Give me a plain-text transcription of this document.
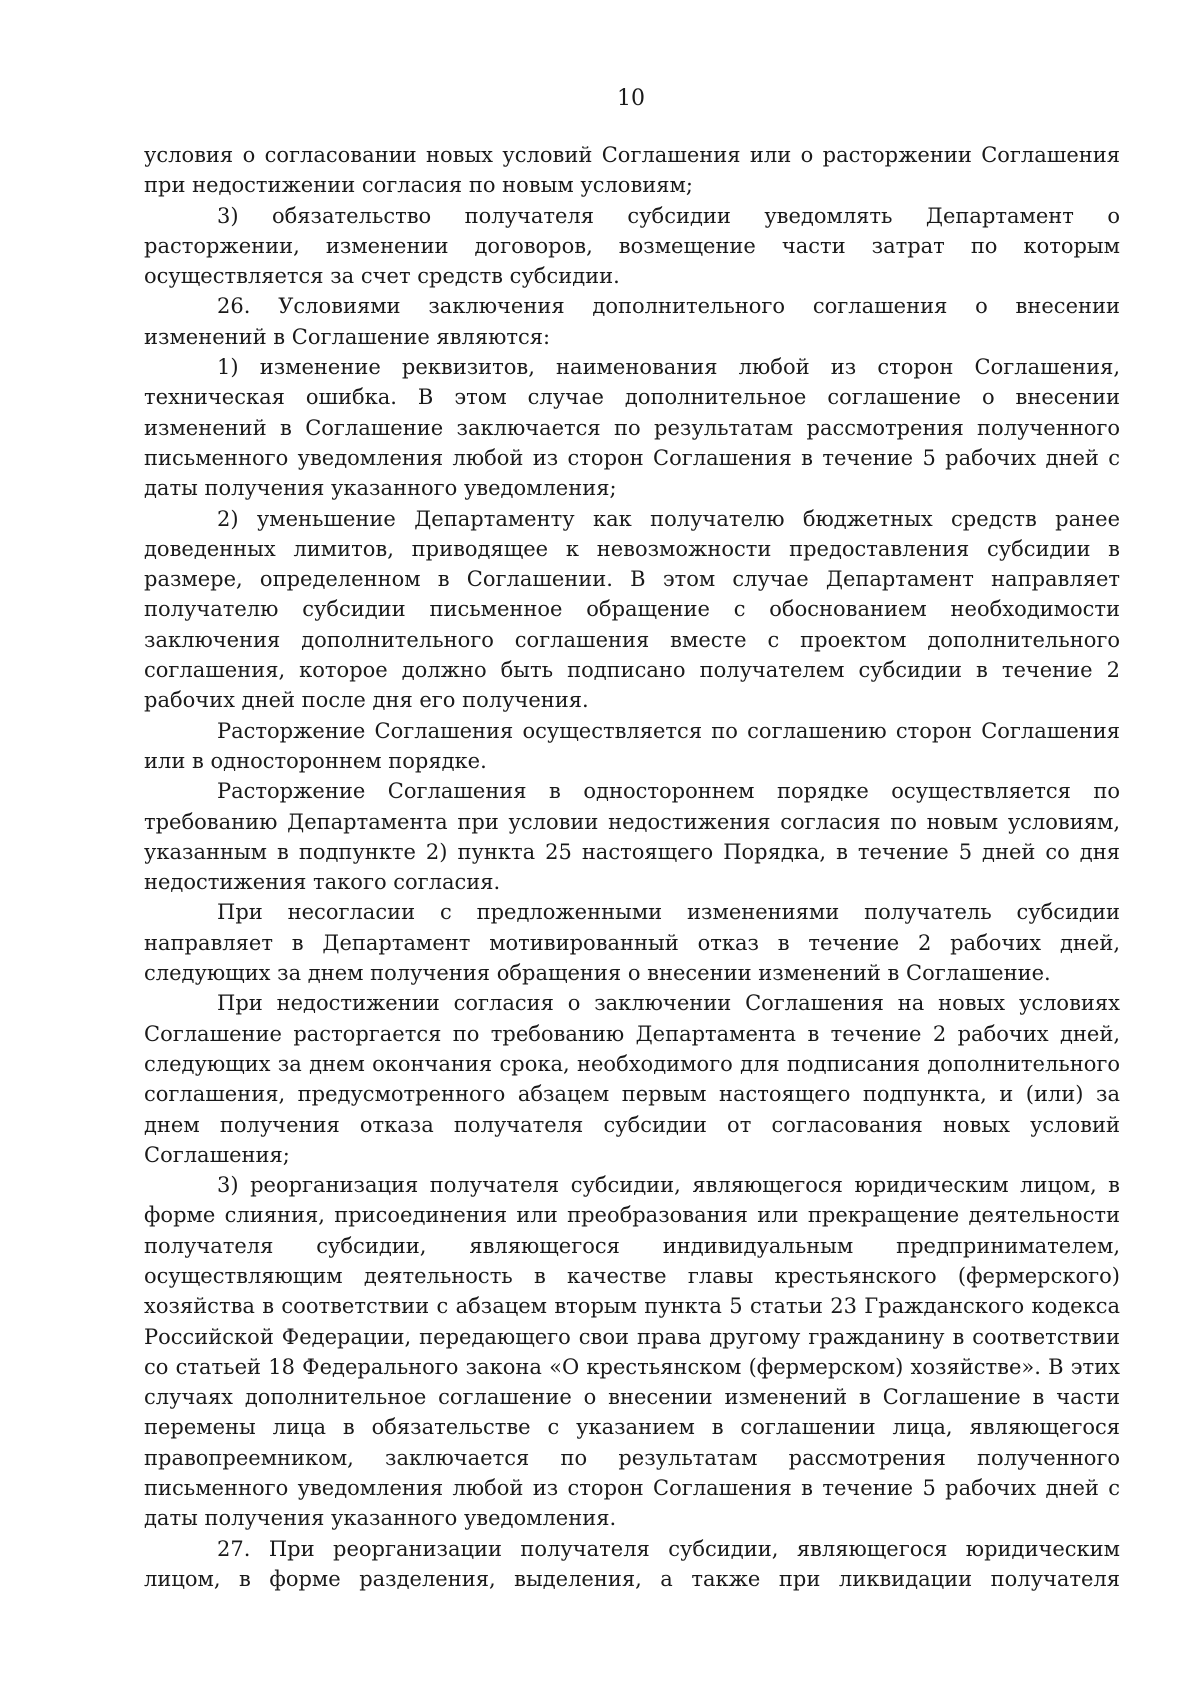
10

условия о согласовании новых условий Соглашения или о расторжении Соглашения при недостижении согласия по новым условиям;

3) обязательство получателя субсидии уведомлять Департамент о расторжении, изменении договоров, возмещение части затрат по которым осуществляется за счет средств субсидии.

26. Условиями заключения дополнительного соглашения о внесении изменений в Соглашение являются:

1) изменение реквизитов, наименования любой из сторон Соглашения, техническая ошибка. В этом случае дополнительное соглашение о внесении изменений в Соглашение заключается по результатам рассмотрения полученного письменного уведомления любой из сторон Соглашения в течение 5 рабочих дней с даты получения указанного уведомления;

2) уменьшение Департаменту как получателю бюджетных средств ранее доведенных лимитов, приводящее к невозможности предоставления субсидии в размере, определенном в Соглашении. В этом случае Департамент направляет получателю субсидии письменное обращение с обоснованием необходимости заключения дополнительного соглашения вместе с проектом дополнительного соглашения, которое должно быть подписано получателем субсидии в течение 2 рабочих дней после дня его получения.

Расторжение Соглашения осуществляется по соглашению сторон Соглашения или в одностороннем порядке.

Расторжение Соглашения в одностороннем порядке осуществляется по требованию Департамента при условии недостижения согласия по новым условиям, указанным в подпункте 2) пункта 25 настоящего Порядка, в течение 5 дней со дня недостижения такого согласия.

При несогласии с предложенными изменениями получатель субсидии направляет в Департамент мотивированный отказ в течение 2 рабочих дней, следующих за днем получения обращения о внесении изменений в Соглашение.

При недостижении согласия о заключении Соглашения на новых условиях Соглашение расторгается по требованию Департамента в течение 2 рабочих дней, следующих за днем окончания срока, необходимого для подписания дополнительного соглашения, предусмотренного абзацем первым настоящего подпункта, и (или) за днем получения отказа получателя субсидии от согласования новых условий Соглашения;

3) реорганизация получателя субсидии, являющегося юридическим лицом, в форме слияния, присоединения или преобразования или прекращение деятельности получателя субсидии, являющегося индивидуальным предпринимателем, осуществляющим деятельность в качестве главы крестьянского (фермерского) хозяйства в соответствии с абзацем вторым пункта 5 статьи 23 Гражданского кодекса Российской Федерации, передающего свои права другому гражданину в соответствии со статьей 18 Федерального закона «О крестьянском (фермерском) хозяйстве». В этих случаях дополнительное соглашение о внесении изменений в Соглашение в части перемены лица в обязательстве с указанием в соглашении лица, являющегося правопреемником, заключается по результатам рассмотрения полученного письменного уведомления любой из сторон Соглашения в течение 5 рабочих дней с даты получения указанного уведомления.

27. При реорганизации получателя субсидии, являющегося юридическим лицом, в форме разделения, выделения, а также при ликвидации получателя
